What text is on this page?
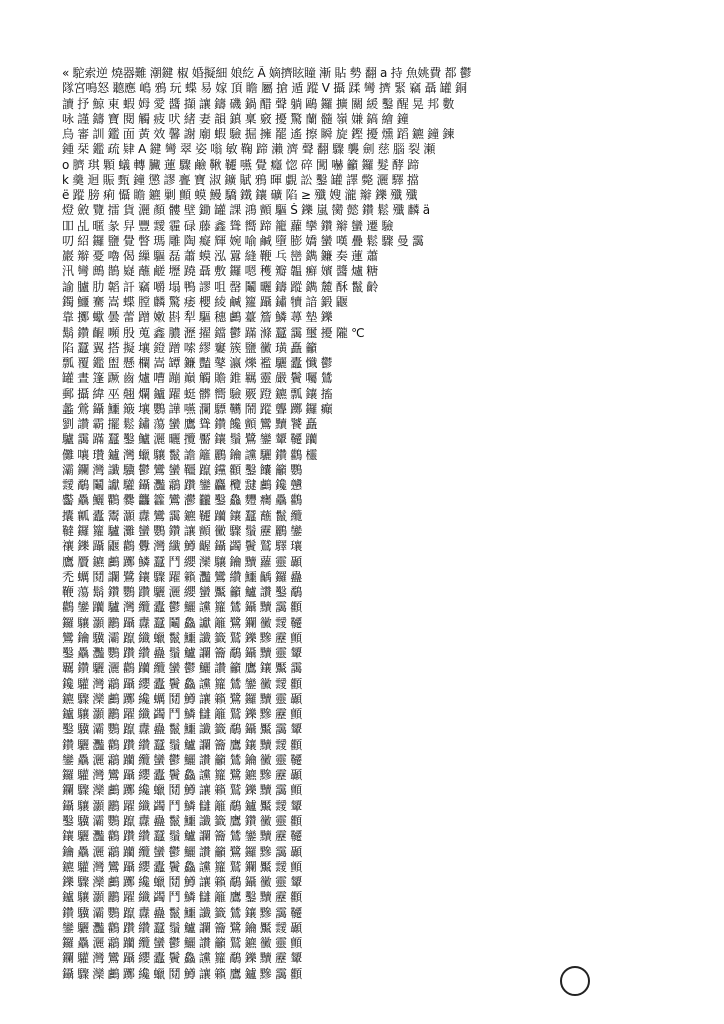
« 駝索逆 燒器難 潮鍵 椒 婚擬細 娘紇 Ã 嫡擠眩瞳 漸 貼 勢 翻 a 持 魚姚費 都 鬱
隊宮鳴怒 聽應 嶋 鴉 玩 蝶 易 嫁 頂 瞻 屬 搶 遁 蹤 Ⅴ 攝 蹂 彎 擠 緊 竊 聶 罐 銅
讀 抒 鯨 東 蝦 姆 愛 醬 擷 讓 鑄 磯 鍋 醋 聲 躺 鷗 鑼 擴 關 緩 鑿 醒 晃 邦 數
咏 謹 鑄 寶 閱 觸 疲 吠 緒 妻 韻 鎮 稟 竅 擾 驚 蘭 髓 嶺 嫌 鎬 繪 鐘
烏 審 訓 鑑 面 黃 效 馨 謝 廟 蝦 驗 掘 擁 罷 遙 擦 瞬 旋 鏗 擾 燻 蹈 鑣 鐘 鍊
鍾 栞 鑑 疏 肄 A 鍵 彎 翠 姿 嗡 敏 鞠 蹄 瀨 濟 聲 翻 驟 襲 劍 慈 腦 裂 瀬
o 臍 琪 顆 蟻 轉 臟 蓮 驟 鹼 鞦 韆 嚥 覺 癮 惚 碎 闖 嚇 籲 鑼 髮 酵 蹄
k 羹 迴 賑 甄 鐘 懲 謬 亹 寶 淑 鑛 賦 鴉 暉 覷 訟 鑿 罐 譯 斃 灑 驛 擋
ë 蹤 膀 痢 懾 瞻 鑣 剿 顫 蟆 鰻 驕 鐵 鑲 礦 陷 ≥ 殲 嫂 瀧 辮 鑠 殲 殲
燈 斂 覽 擂 貨 灑 顏 髏 壁 鋤 罐 課 鴻 顫 驅 Š 鑠 嵐 臠 懿 鑽 鬆 殲 麟 ä
吅 乩 暱 彖 舁 豐 靉 霾 碌 藤 鑫 聳 嚮 蹄 籠 蘿 攣 鑽 辮 蠻 遷 驗
叨 紹 鑼 鹽 覺 瞥 瑪 雕 陶 癡 輝 婉 喻 鹹 墮 膨 嬌 蠻 嘆 疊 鬆 驟 曼 靄
巖 辮 憂 嚕 偈 繅 驅 磊 蕭 蟆 泓 囂 縫 鞭 乓 巒 鐫 鐮 奏 蓮 蕭
汛 彎 鷓 鵲 嶷 蘸 鹺 壢 蹺 聶 敷 鑼 嗯 穫 瓣 韞 癬 嬪 醬 爐 糖
諭 臚 肋 韜 訐 竊 嚼 塌 鴨 謬 咀 罄 鬮 曬 鑄 蹤 鐫 麓 酥 鬣 齡
鐲 鱷 騫 嵩 蝶 膛 麟 驚 痿 櫻 綾 鹹 籮 躡 鏽 犢 諳 鍛 鼴
靠 擲 蠍 曇 蕾 蹭 嫩 斟 犁 驅 穗 鸕 薹 簷 鱗 蕁 墊 鑠
鬍 鑽 齷 嚬 殷 蒐 鑫 膿 瀝 擢 鐺 鬱 蹣 滌 蠶 靄 璽 擾 隴 ℃
陷 蠶 翼 搭 擬 壤 鐙 蹭 嗦 繆 窶 簇 鹽 黴 璜 矗 籲
瓢 覆 鑑 盥 懸 欄 嵩 罈 鐮 豔 鼕 瀛 爍 襤 驪 蠹 懺 鬱
罐 晝 篷 蹶 齒 爐 嘈 蹦 巔 觸 贍 錐 羈 靈 嚴 鬢 囑 鷥
郵 攝 緯 巫 翹 爛 鑪 躍 蜓 髒 嚮 驗 覈 蹬 鑣 瓢 鑲 搐
蠡 鶯 鑷 鱷 簸 壤 鸚 譁 嚥 瀾 驃 韉 鬧 蹤 聾 躑 鑼 癲
劉 讚 霸 擺 鬆 鏽 蕩 蠻 鷹 聳 鑽 饞 顫 鸞 黷 饕 矗
驢 靄 蹣 蠶 鑿 鱸 灑 曬 攬 靨 鑲 鬚 鷺 鑾 顰 韆 躪
儺 嚷 瓚 鑪 灣 蠟 驤 鬣 譫 籬 鸝 鑰 讜 驪 鑽 鸛 欞
灞 鑭 灣 讖 驥 鬱 鸞 蠻 韁 躥 钂 顴 鑿 饢 籲 鸚
靉 鷸 鬮 讞 驩 鑷 灩 鸘 躦 鑾 麤 欖 靆 鸕 鑱 戇
齾 驫 鱺 鸜 爨 龘 籱 鸞 灪 龖 鑿 鱻 麷 癵 驫 鸛
攮 瓤 蠹 鬻 灝 纛 鸞 靄 鑣 韆 躪 鑲 蠶 蘸 鬣 纜
韃 鑼 籮 驢 灘 蠻 鸚 鑽 讓 顫 黴 驟 鬚 靂 鸝 鑾
禳 鑠 躡 鼴 鸛 釁 灣 纖 鱒 齷 鑷 蠲 鬢 鷲 驛 瓖
鷹 贗 鑣 鸕 躑 鱗 蠶 鬥 纓 灤 驤 鑰 黷 蘿 靈 顳
禿 蠣 鬩 讕 鷺 鑲 驟 躍 籟 灩 鸞 纘 鱷 齲 鑼 蠱
鞭 蕩 鬍 鑽 鸚 躦 驪 灑 纓 蠻 黶 籲 鱸 讚 鑿 鷸
鸛 鑾 躪 驢 灣 纜 蠹 鬱 鱺 讜 籮 鷥 鑷 黷 靄 顴
鑼 驤 灝 鸝 躡 纛 蠶 鬮 鱻 讞 籬 鷺 鑭 黴 靉 韆
鸞 鑰 驥 灞 躥 纖 蠟 鬣 鱷 讖 籤 鷲 鑠 黲 靂 顫
鑿 驫 灩 鸚 躦 纘 蠱 鬚 鱸 讕 籥 鷸 鑷 黷 靈 顰
覊 鑽 驪 灑 鸛 躪 纜 蠻 鬱 鱺 讚 籲 鷹 鑲 黶 靄
鑱 驩 灣 鸘 躡 纓 蠹 鬢 鱻 讜 籮 鷥 鑾 黴 靉 顴
鑣 驟 灤 鸕 躑 纔 蠣 鬩 鱒 讓 籟 鷺 鑼 黷 靈 顳
鑪 驤 灝 鸝 躍 纖 蠲 鬥 鱗 讎 籬 鷲 鑠 黲 靂 顫
鑿 驥 灞 鸚 躥 纛 蠱 鬣 鱷 讖 籤 鷸 鑷 黶 靄 顰
鑽 驪 灩 鸛 躦 纘 蠶 鬚 鱸 讕 籥 鷹 鑲 黷 靉 顴
鑾 驫 灑 鸘 躪 纜 蠻 鬱 鱺 讚 籲 鷥 鑰 黴 靈 韆
鑼 驩 灣 鸞 躡 纓 蠹 鬢 鱻 讜 籮 鷺 鑣 黲 靂 顳
鑭 驟 灤 鸕 躑 纔 蠟 鬩 鱒 讓 籟 鷲 鑠 黷 靄 顫
鑷 驤 灝 鸝 躍 纖 蠲 鬥 鱗 讎 籬 鷸 鑪 黶 靉 顰
鑿 驥 灞 鸚 躥 纛 蠱 鬣 鱷 讖 籤 鷹 鑽 黴 靈 顴
鑲 驪 灩 鸛 躦 纘 蠶 鬚 鱸 讕 籥 鷥 鑾 黷 靂 韆
鑰 驫 灑 鸘 躪 纜 蠻 鬱 鱺 讚 籲 鷺 鑼 黲 靄 顳
鑣 驩 灣 鸞 躡 纓 蠹 鬢 鱻 讜 籮 鷲 鑭 黶 靉 顫
鑠 驟 灤 鸕 躑 纔 蠟 鬩 鱒 讓 籟 鷸 鑷 黴 靈 顰
鑪 驤 灝 鸝 躍 纖 蠲 鬥 鱗 讎 籬 鷹 鑿 黷 靂 顴
鑽 驥 灞 鸚 躥 纛 蠱 鬣 鱷 讖 籤 鷥 鑲 黲 靄 韆
鑾 驪 灩 鸛 躦 纘 蠶 鬚 鱸 讕 籥 鷺 鑰 黶 靉 顳
鑼 驫 灑 鸘 躪 纜 蠻 鬱 鱺 讚 籲 鷲 鑣 黴 靈 顫
鑭 驩 灣 鸞 躡 纓 蠹 鬢 鱻 讜 籮 鷸 鑠 黷 靂 顰
鑷 驟 灤 鸕 躑 纔 蠟 鬩 鱒 讓 籟 鷹 鑪 黲 靄 顴
